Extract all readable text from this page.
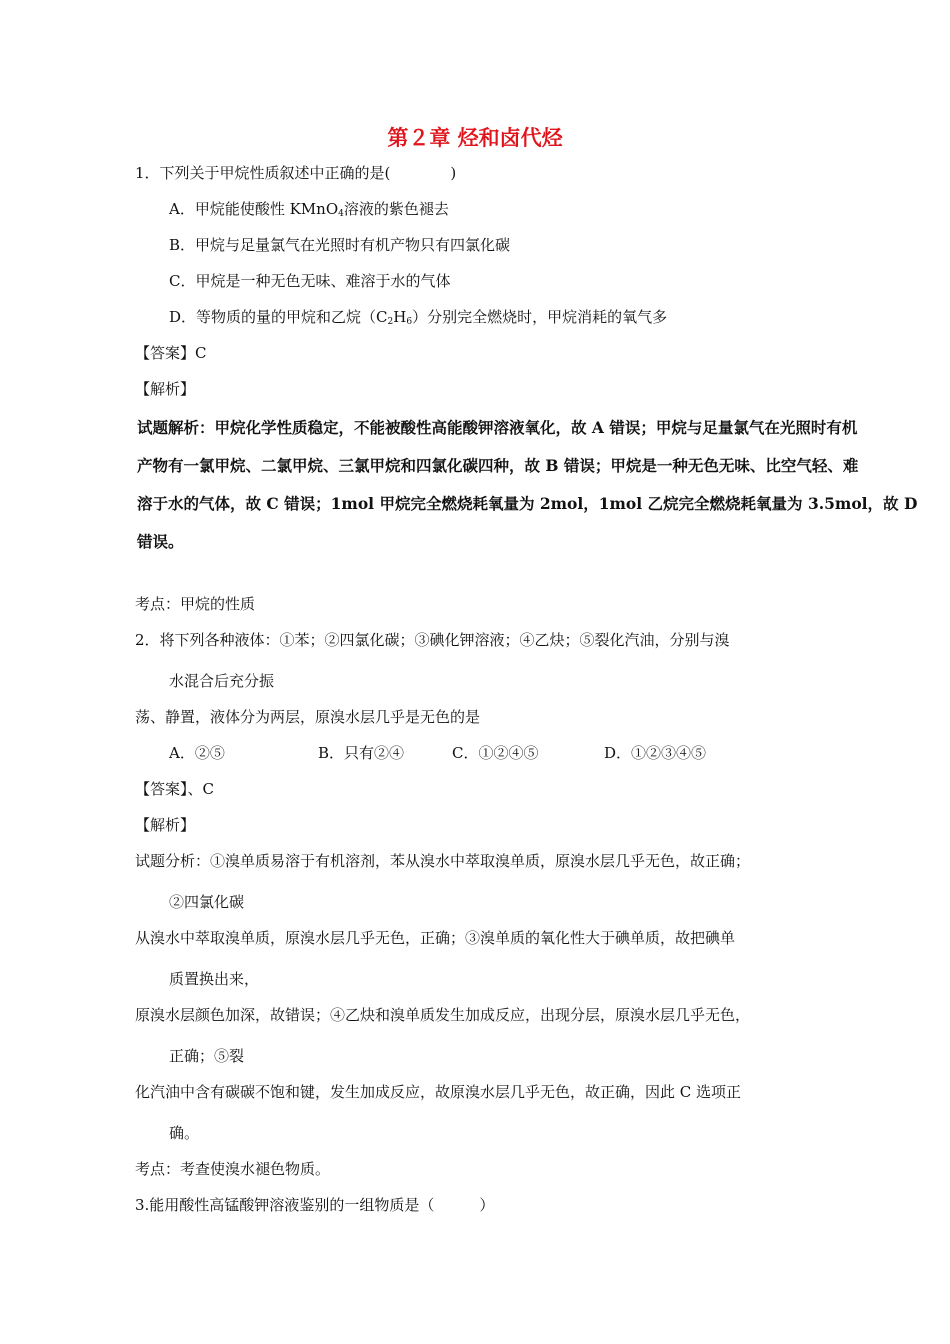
第２章 烃和卤代烃
1．下列关于甲烷性质叙述中正确的是(　　　　)
A．甲烷能使酸性 KMnO$_4$溶液的紫色褪去
B．甲烷与足量氯气在光照时有机产物只有四氯化碳
C．甲烷是一种无色无味、难溶于水的气体
D．等物质的量的甲烷和乙烷$(C_2H_6)$分别完全燃烧时，甲烷消耗的氧气多
【答案】C
【解析】
试题解析：甲烷化学性质稳定，不能被酸性高能酸钾溶液氧化，故 A 错误；甲烷与足量氯气在光照时有机
产物有一氯甲烷、二氯甲烷、三氯甲烷和四氯化碳四种，故 B 错误；甲烷是一种无色无味、比空气轻、难
溶于水的气体，故 C 错误；1mol 甲烷完全燃烧耗氧量为 2mol，1mol 乙烷完全燃烧耗氧量为 3.5mol，故 D
错误。
考点：甲烷的性质
2．将下列各种液体：①苯；②四氯化碳；③碘化钾溶液；④乙炔；⑤裂化汽油，分别与溴
水混合后充分振
荡、静置，液体分为两层，原溴水层几乎是无色的是
A．②⑤	B．只有②④	C．①②④⑤	D．①②③④⑤
【答案】、C
【解析】
试题分析：①溴单质易溶于有机溶剂，苯从溴水中萃取溴单质，原溴水层几乎无色，故正确；
②四氯化碳
从溴水中萃取溴单质，原溴水层几乎无色，正确；③溴单质的氧化性大于碘单质，故把碘单
质置换出来，
原溴水层颜色加深，故错误；④乙炔和溴单质发生加成反应，出现分层，原溴水层几乎无色，
正确；⑤裂
化汽油中含有碳碳不饱和键，发生加成反应，故原溴水层几乎无色，故正确，因此 C 选项正
确。
考点：考查使溴水褪色物质。
3.能用酸性高锰酸钾溶液鉴别的一组物质是（　　　）
